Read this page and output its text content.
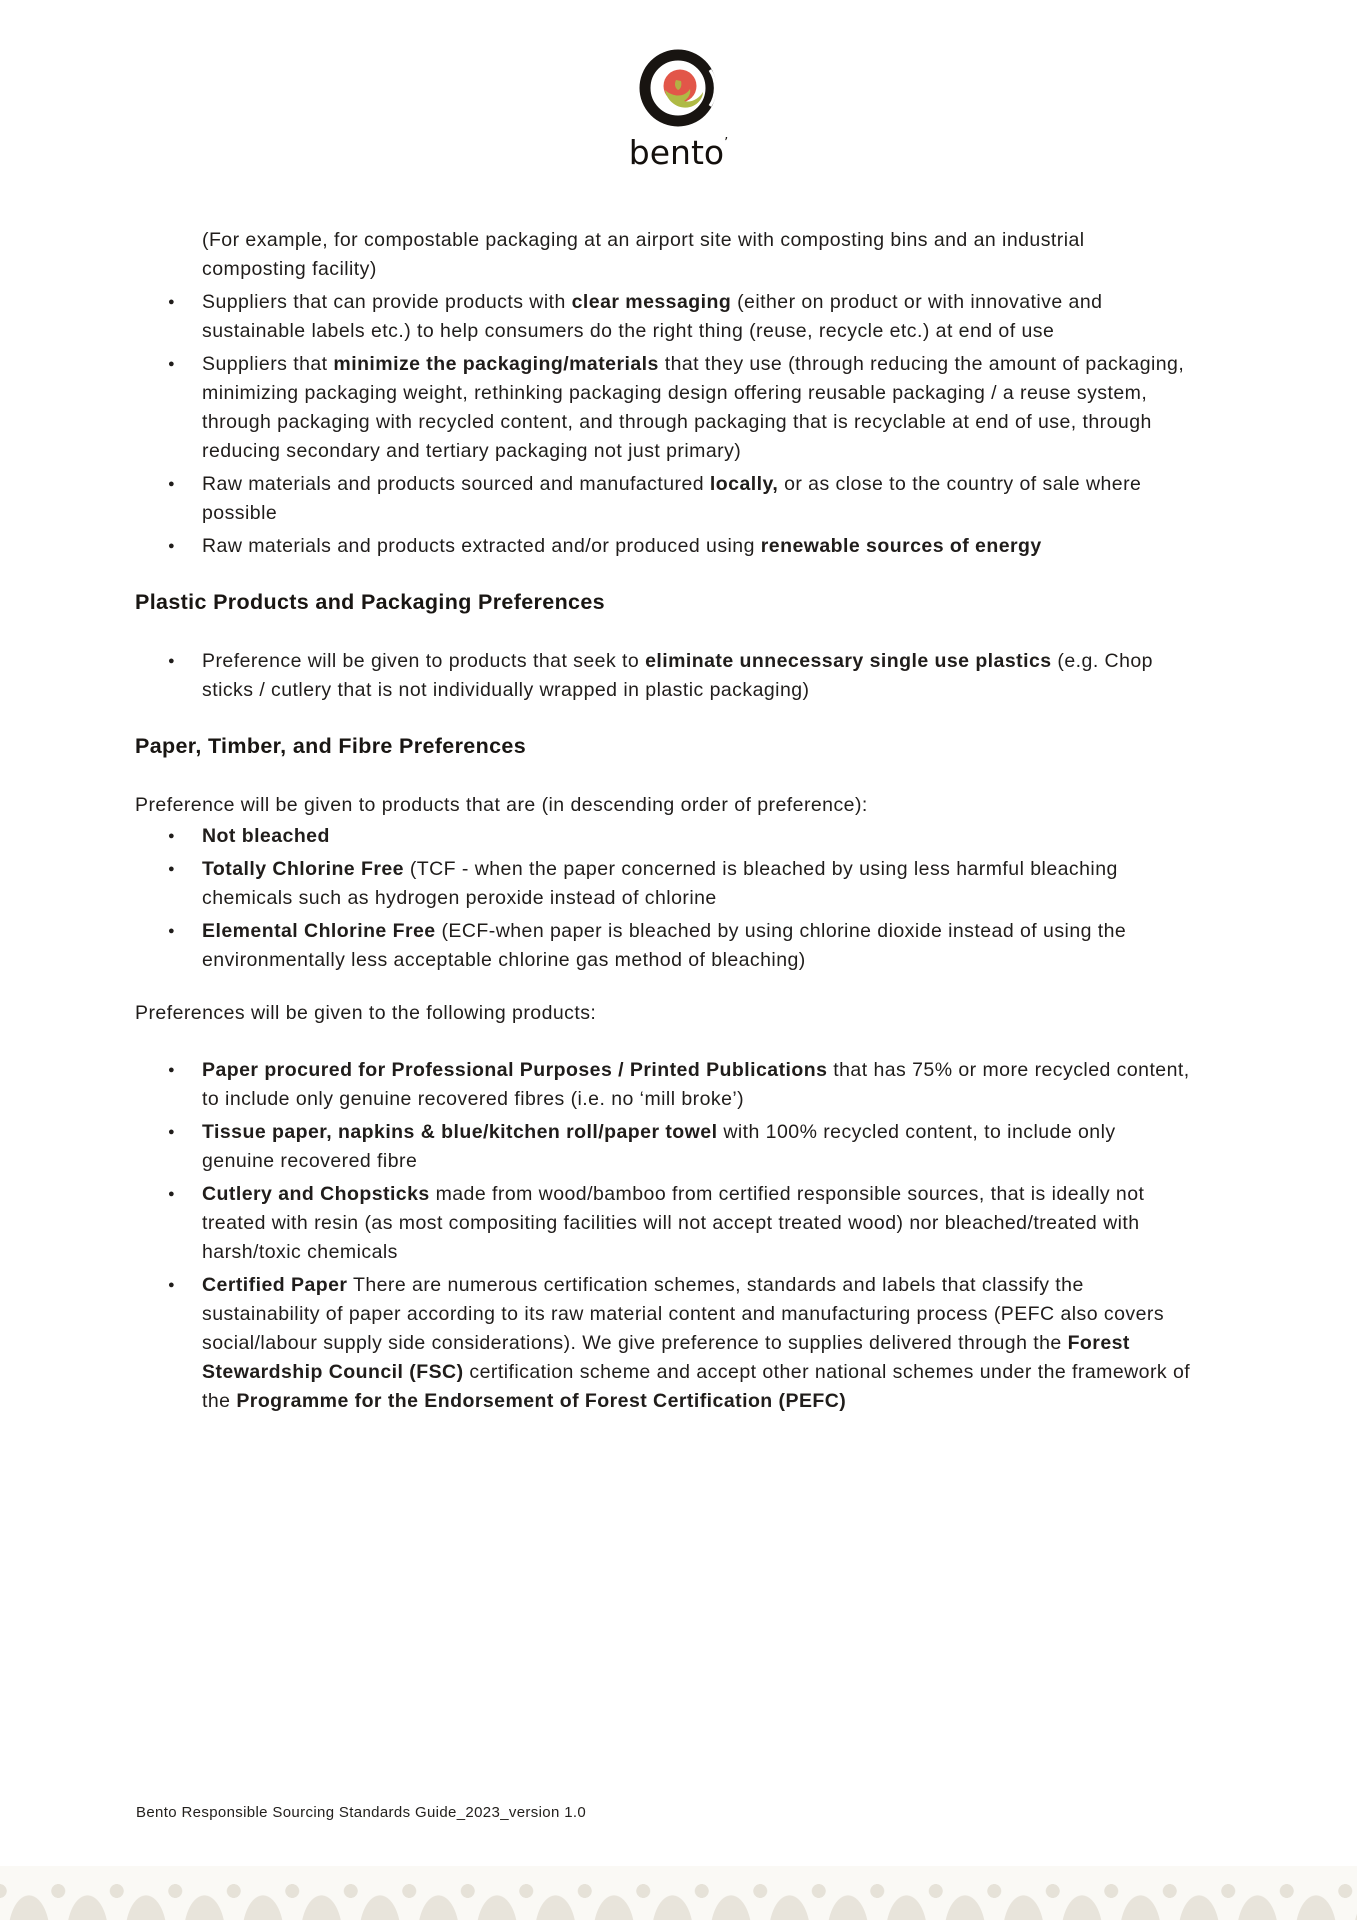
bento’

(For example, for compostable packaging at an airport site with composting bins and an industrial composting facility)

●	Suppliers that can provide products with clear messaging (either on product or with innovative and sustainable labels etc.) to help consumers do the right thing (reuse, recycle etc.) at end of use
●	Suppliers that minimize the packaging/materials that they use (through reducing the amount of packaging, minimizing packaging weight, rethinking packaging design offering reusable packaging / a reuse system, through packaging with recycled content, and through packaging that is recyclable at end of use, through reducing secondary and tertiary packaging not just primary)
●	Raw materials and products sourced and manufactured locally, or as close to the country of sale where possible
●	Raw materials and products extracted and/or produced using renewable sources of energy
Plastic Products and Packaging Preferences
●	Preference will be given to products that seek to eliminate unnecessary single use plastics (e.g. Chop sticks / cutlery that is not individually wrapped in plastic packaging)
Paper, Timber, and Fibre Preferences

Preference will be given to products that are (in descending order of preference):

●	Not bleached
●	Totally Chlorine Free (TCF - when the paper concerned is bleached by using less harmful bleaching chemicals such as hydrogen peroxide instead of chlorine
●	Elemental Chlorine Free (ECF-when paper is bleached by using chlorine dioxide instead of using the environmentally less acceptable chlorine gas method of bleaching)

Preferences will be given to the following products:

●	Paper procured for Professional Purposes / Printed Publications that has 75% or more recycled content, to include only genuine recovered fibres (i.e. no ‘mill broke’)
●	Tissue paper, napkins & blue/kitchen roll/paper towel with 100% recycled content, to include only genuine recovered fibre
●	Cutlery and Chopsticks made from wood/bamboo from certified responsible sources, that is ideally not treated with resin (as most compositing facilities will not accept treated wood) nor bleached/treated with harsh/toxic chemicals
●	Certified Paper There are numerous certification schemes, standards and labels that classify the sustainability of paper according to its raw material content and manufacturing process (PEFC also covers social/labour supply side considerations). We give preference to supplies delivered through the Forest Stewardship Council (FSC) certification scheme and accept other national schemes under the framework of the Programme for the Endorsement of Forest Certification (PEFC)
Bento Responsible Sourcing Standards Guide_2023_version 1.0
